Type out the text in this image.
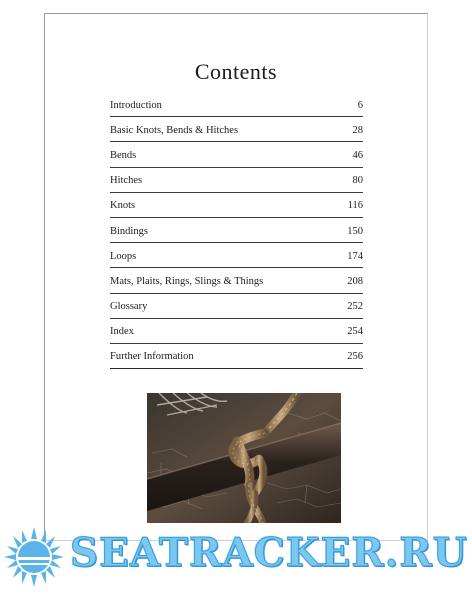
Contents
Introduction	6
Basic Knots, Bends & Hitches	28
Bends	46
Hitches	80
Knots	116
Bindings	150
Loops	174
Mats, Plaits, Rings, Slings & Things	208
Glossary	252
Index	254
Further Information	256
SEATRACKER.RU
